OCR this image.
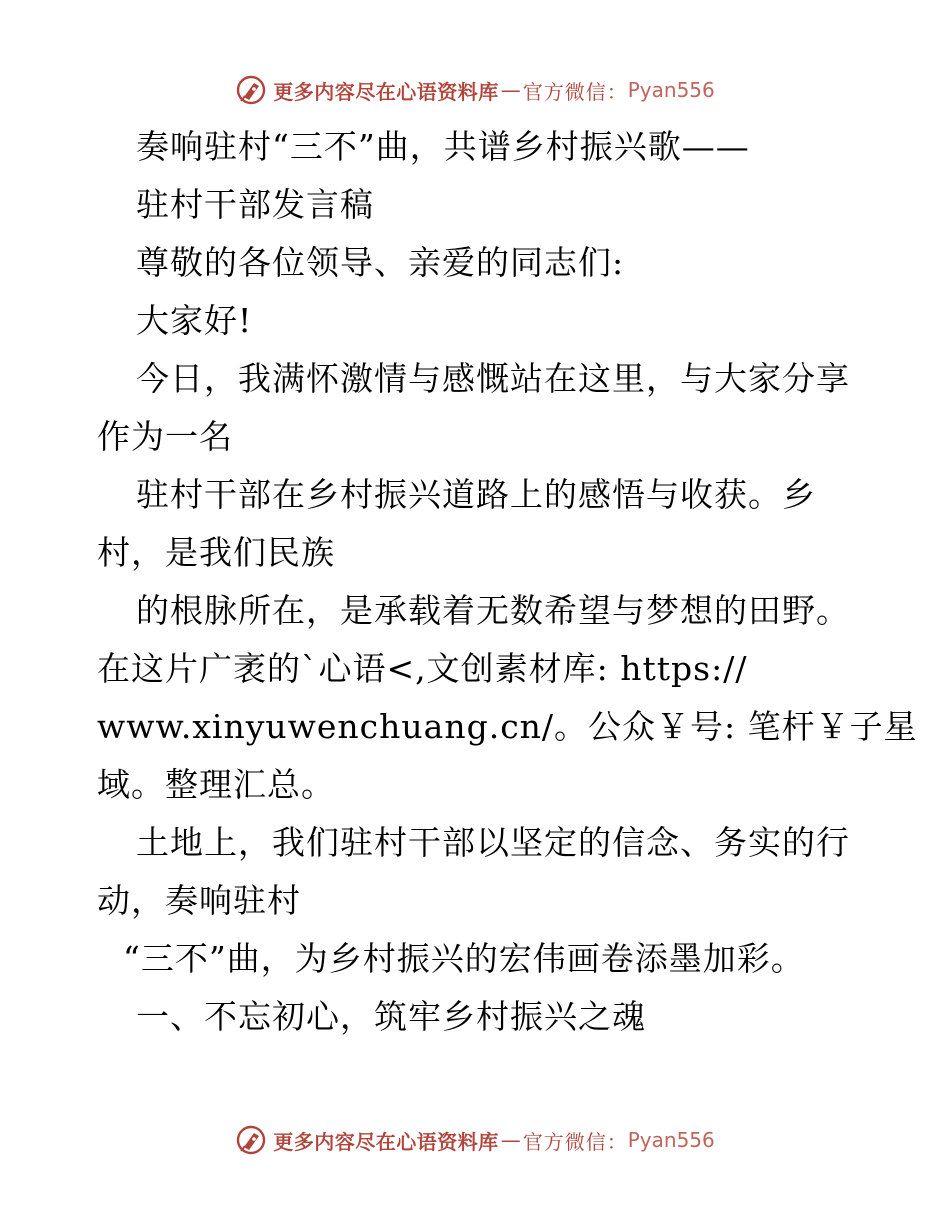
更多内容尽在心语资料库 — 官方微信： Pyan556
奏响驻村“三不”曲，共谱乡村振兴歌——
驻村干部发言稿
尊敬的各位领导、亲爱的同志们:
大家好!
今日，我满怀激情与感慨站在这里，与大家分享
作为一名
驻村干部在乡村振兴道路上的感悟与收获。乡
村，是我们民族
的根脉所在，是承载着无数希望与梦想的田野。
在这片广袤的`心语<,文创素材库: https://
www.xinyuwenchuang.cn/。公众￥号: 笔杆￥子星
域。整理汇总。
土地上，我们驻村干部以坚定的信念、务实的行
动，奏响驻村
“三不”曲，为乡村振兴的宏伟画卷添墨加彩。
一、不忘初心，筑牢乡村振兴之魂
更多内容尽在心语资料库 — 官方微信： Pyan556
